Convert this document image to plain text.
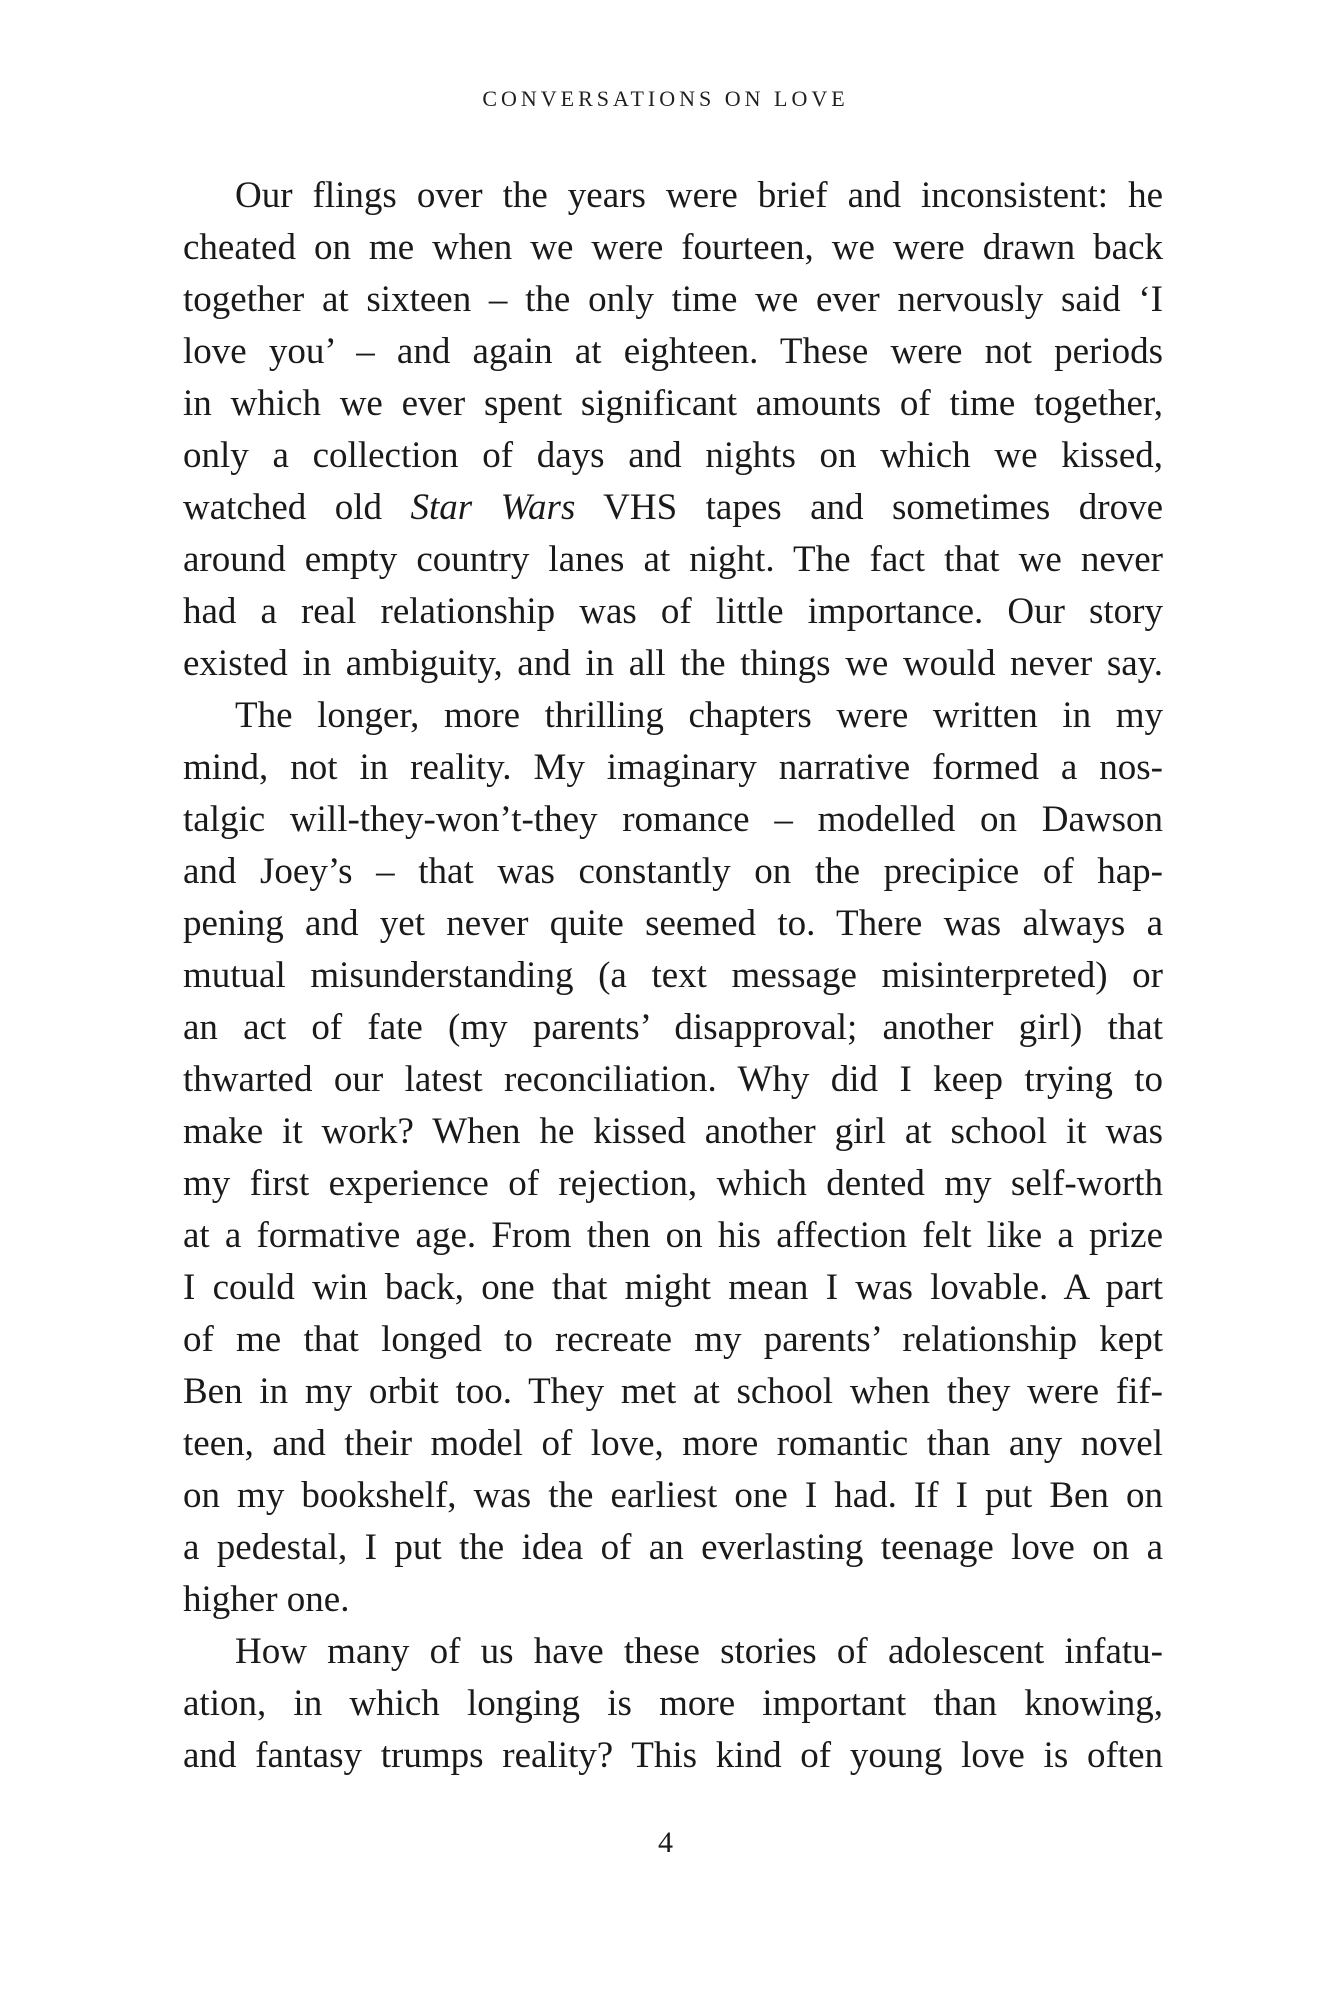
CONVERSATIONS ON LOVE
Our flings over the years were brief and inconsistent: he
cheated on me when we were fourteen, we were drawn back
together at sixteen – the only time we ever nervously said ‘I
love you’ – and again at eighteen. These were not periods
in which we ever spent significant amounts of time together,
only a collection of days and nights on which we kissed,
watched old Star Wars VHS tapes and sometimes drove
around empty country lanes at night. The fact that we never
had a real relationship was of little importance. Our story
existed in ambiguity, and in all the things we would never say.
The longer, more thrilling chapters were written in my
mind, not in reality. My imaginary narrative formed a nos-
talgic will-they-won’t-they romance – modelled on Dawson
and Joey’s – that was constantly on the precipice of hap-
pening and yet never quite seemed to. There was always a
mutual misunderstanding (a text message misinterpreted) or
an act of fate (my parents’ disapproval; another girl) that
thwarted our latest reconciliation. Why did I keep trying to
make it work? When he kissed another girl at school it was
my first experience of rejection, which dented my self-worth
at a formative age. From then on his affection felt like a prize
I could win back, one that might mean I was lovable. A part
of me that longed to recreate my parents’ relationship kept
Ben in my orbit too. They met at school when they were fif-
teen, and their model of love, more romantic than any novel
on my bookshelf, was the earliest one I had. If I put Ben on
a pedestal, I put the idea of an everlasting teenage love on a
higher one.
How many of us have these stories of adolescent infatu-
ation, in which longing is more important than knowing,
and fantasy trumps reality? This kind of young love is often
4
